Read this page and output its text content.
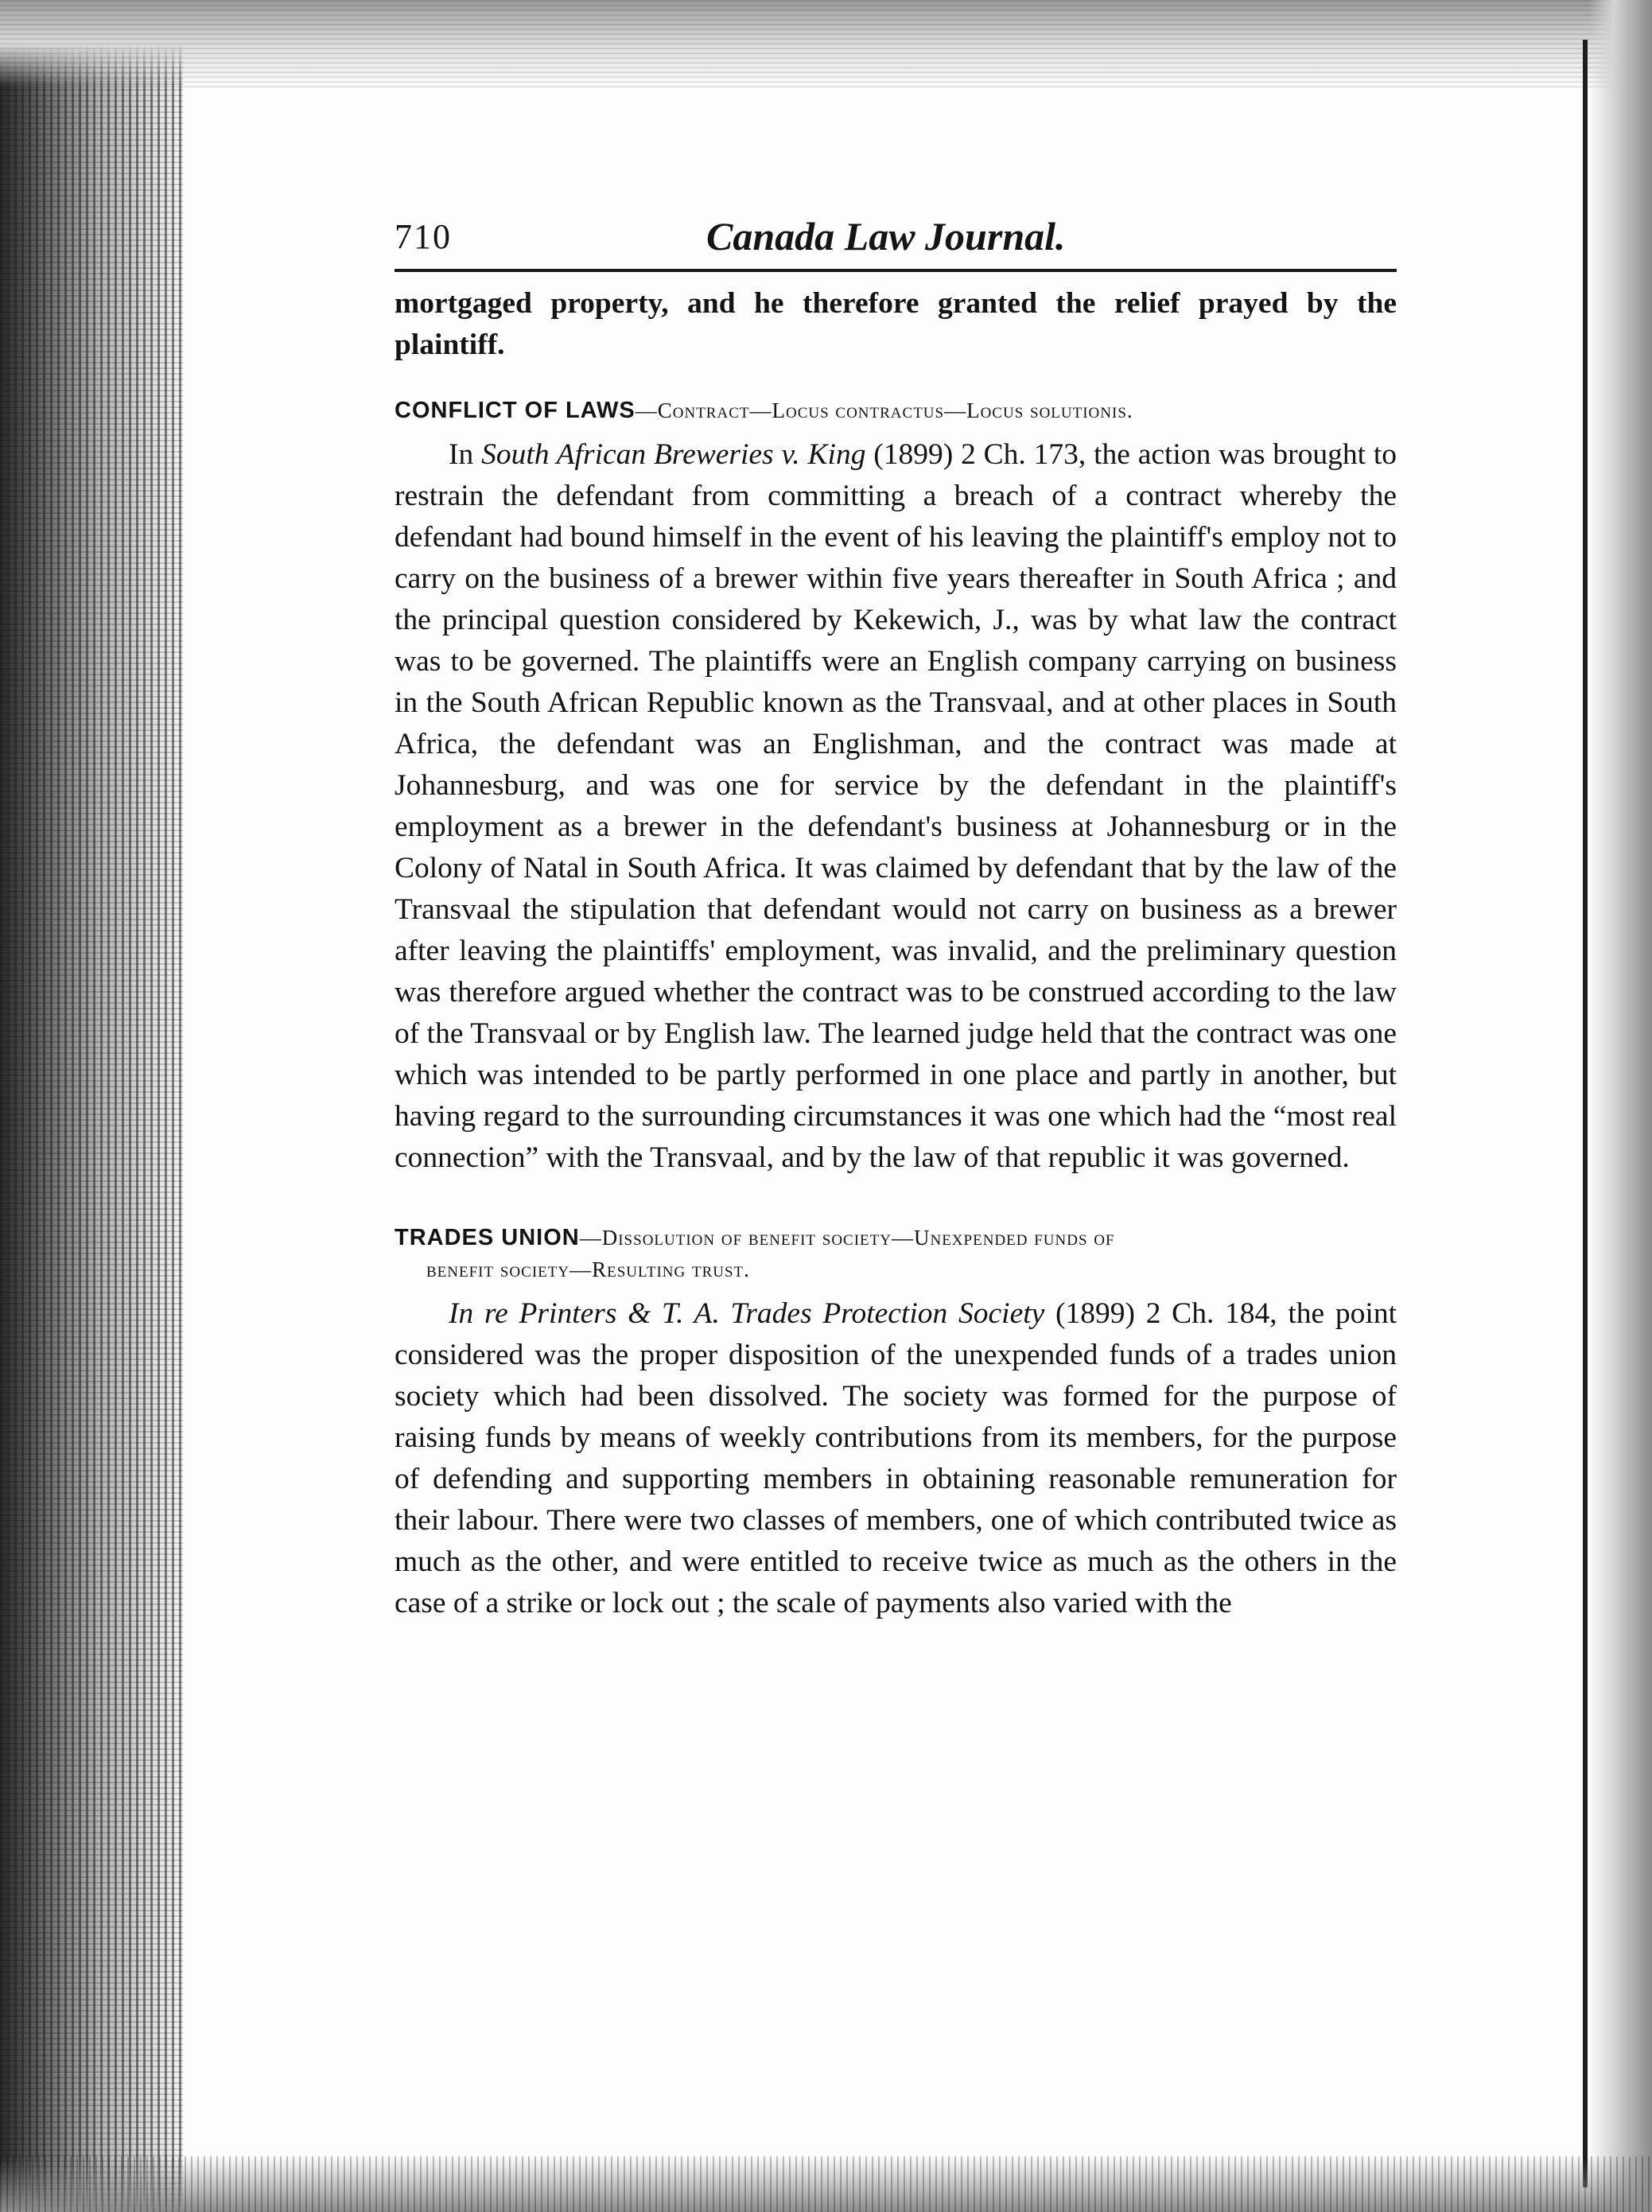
710	Canada Law Journal.

mortgaged property, and he therefore granted the relief prayed by the plaintiff.

CONFLICT OF LAWS—Contract—Locus contractus—Locus solutionis.

In South African Breweries v. King (1899) 2 Ch. 173, the action was brought to restrain the defendant from committing a breach of a contract whereby the defendant had bound himself in the event of his leaving the plaintiff's employ not to carry on the business of a brewer within five years thereafter in South Africa ; and the principal question considered by Kekewich, J., was by what law the contract was to be governed. The plaintiffs were an English company carrying on business in the South African Republic known as the Transvaal, and at other places in South Africa, the defendant was an Englishman, and the contract was made at Johannesburg, and was one for service by the defendant in the plaintiff's employment as a brewer in the defendant's business at Johannesburg or in the Colony of Natal in South Africa. It was claimed by defendant that by the law of the Transvaal the stipulation that defendant would not carry on business as a brewer after leaving the plaintiffs' employment, was invalid, and the preliminary question was therefore argued whether the contract was to be construed according to the law of the Transvaal or by English law. The learned judge held that the contract was one which was intended to be partly performed in one place and partly in another, but having regard to the surrounding circumstances it was one which had the “most real connection” with the Transvaal, and by the law of that republic it was governed.

TRADES UNION—Dissolution of benefit society—Unexpended funds of
benefit society—Resulting trust.

In re Printers & T. A. Trades Protection Society (1899) 2 Ch. 184, the point considered was the proper disposition of the unexpended funds of a trades union society which had been dissolved. The society was formed for the purpose of raising funds by means of weekly contributions from its members, for the purpose of defending and supporting members in obtaining reasonable remuneration for their labour. There were two classes of members, one of which contributed twice as much as the other, and were entitled to receive twice as much as the others in the case of a strike or lock out ; the scale of payments also varied with the
